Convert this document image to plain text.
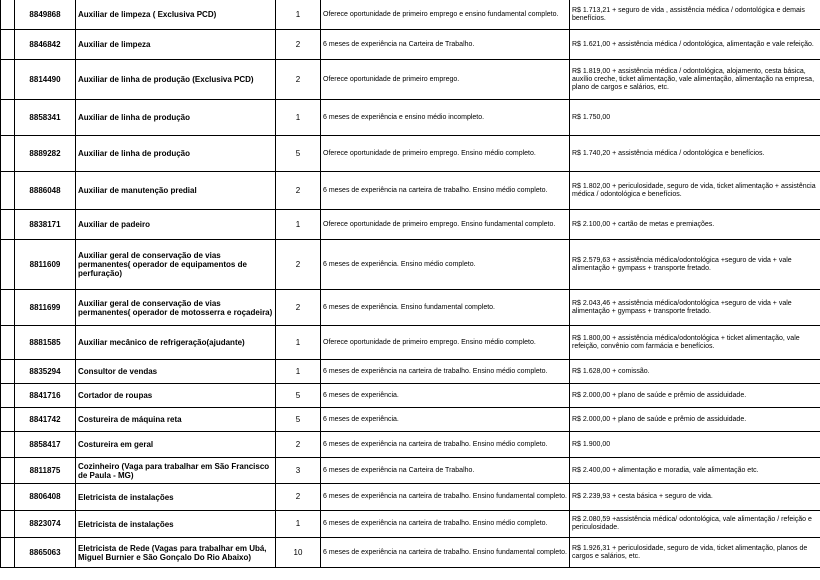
	8849868	Auxiliar de limpeza ( Exclusiva PCD)	1	Oferece oportunidade de primeiro emprego e ensino fundamental completo.	R$ 1.713,21 + seguro de vida , assistência médica / odontológica e demais benefícios.
	8846842	Auxiliar de limpeza	2	6 meses de experiência na Carteira de Trabalho.	R$ 1.621,00 + assistência médica / odontológica, alimentação e vale refeição.
	8814490	Auxiliar de linha de produção (Exclusiva PCD)	2	Oferece oportunidade de primeiro emprego.	R$ 1.819,00 + assistência médica / odontológica, alojamento, cesta básica, auxílio creche, ticket alimentação, vale alimentação, alimentação na empresa, plano de cargos e salários, etc.
	8858341	Auxiliar de linha de produção	1	6 meses de experiência e ensino médio incompleto.	R$ 1.750,00
	8889282	Auxiliar de linha de produção	5	Oferece oportunidade de primeiro emprego. Ensino médio completo.	R$ 1.740,20 + assistência médica / odontológica e benefícios.
	8886048	Auxiliar de manutenção predial	2	6 meses de experiência na carteira de trabalho. Ensino médio completo.	R$ 1.802,00 + periculosidade, seguro de vida, ticket alimentação + assistência médica / odontológica e benefícios.
	8838171	Auxiliar de padeiro	1	Oferece oportunidade de primeiro emprego. Ensino fundamental completo.	R$ 2.100,00 + cartão de metas e premiações.
	8811609	Auxiliar geral de conservação de vias permanentes( operador de equipamentos de perfuração)	2	6 meses de experiência. Ensino médio completo.	R$ 2.579,63 + assistência médica/odontológica +seguro de vida + vale alimentação + gympass + transporte fretado.
	8811699	Auxiliar geral de conservação de vias permanentes( operador de motosserra e roçadeira)	2	6 meses de experiência. Ensino fundamental completo.	R$ 2.043,46 + assistência médica/odontológica +seguro de vida + vale alimentação + gympass + transporte fretado.
	8881585	Auxiliar mecânico de refrigeração(ajudante)	1	Oferece oportunidade de primeiro emprego. Ensino médio completo.	R$ 1.800,00 + assistência médica/odontológica + ticket alimentação, vale refeição, convênio com farmácia e benefícios.
	8835294	Consultor de vendas	1	6 meses de experiência na carteira de trabalho. Ensino médio completo.	R$ 1.628,00 + comissão.
	8841716	Cortador de roupas	5	6 meses de experiência.	R$ 2.000,00 + plano de saúde e prêmio de assiduidade.
	8841742	Costureira de máquina reta	5	6 meses de experiência.	R$ 2.000,00 + plano de saúde e prêmio de assiduidade.
	8858417	Costureira em geral	2	6 meses de experiência na carteira de trabalho. Ensino médio completo.	R$ 1.900,00
	8811875	Cozinheiro (Vaga para trabalhar em São Francisco de Paula - MG)	3	6 meses de experiência na Carteira de Trabalho.	R$ 2.400,00 + alimentação e moradia, vale alimentação etc.
	8806408	Eletricista de instalações	2	6 meses de experiência na carteira de trabalho. Ensino fundamental completo.	R$ 2.239,93 + cesta básica + seguro de vida.
	8823074	Eletricista de instalações	1	6 meses de experiência na carteira de trabalho. Ensino médio completo.	R$ 2.080,59 +assistência médica/ odontológica, vale alimentação / refeição e periculosidade.
	8865063	Eletricista de Rede (Vagas para trabalhar em Ubá, Miguel Burnier e São Gonçalo Do Rio Abaixo)	10	6 meses de experiência na carteira de trabalho. Ensino fundamental completo.	R$ 1.926,31 + periculosidade, seguro de vida, ticket alimentação, planos de cargos e salários, etc.
